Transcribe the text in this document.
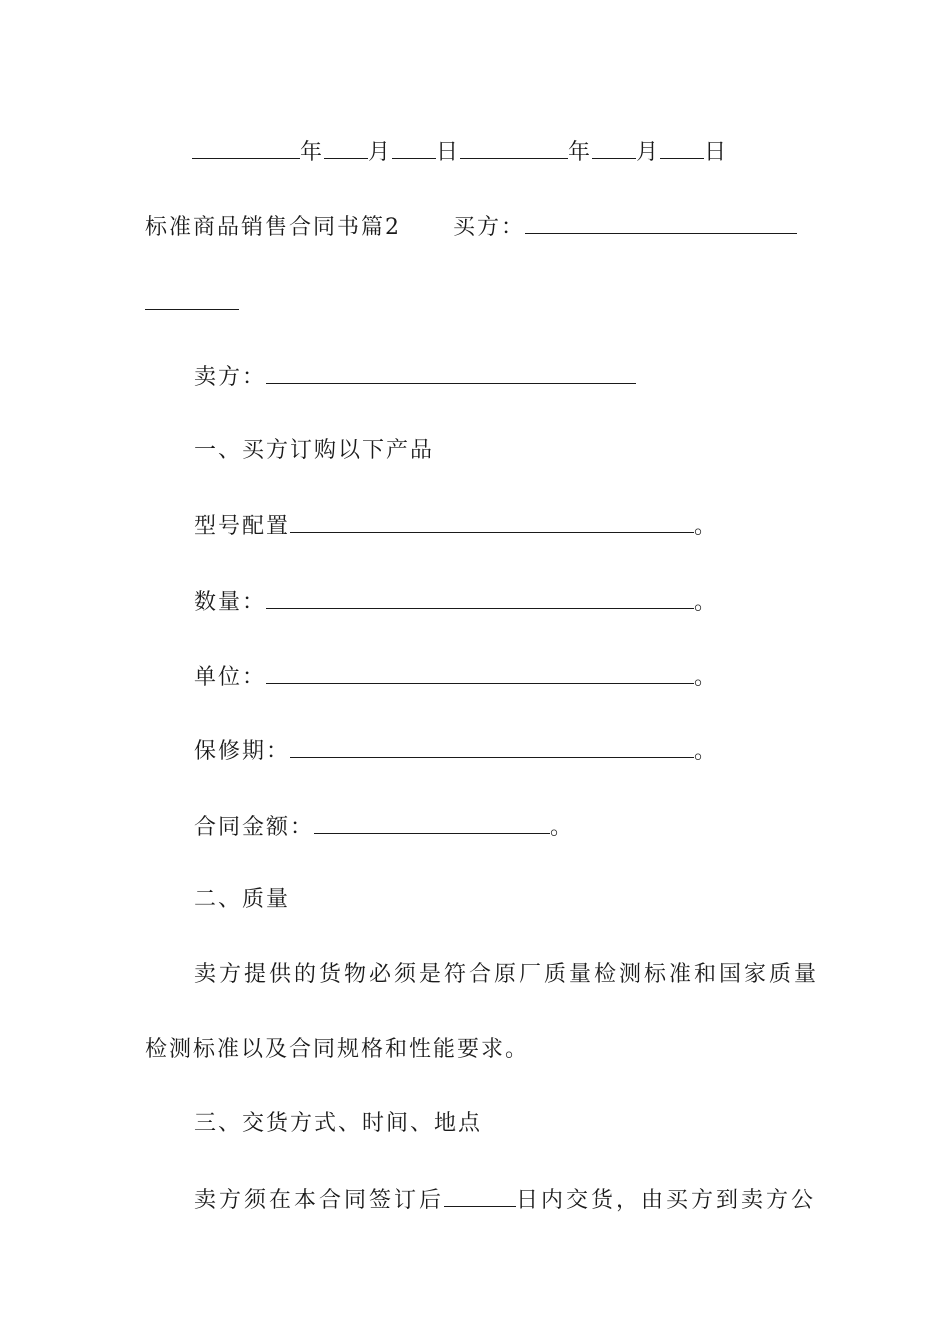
年 月 日	年 月 日
标准商品销售合同书篇2 买方：
卖方：
一、买方订购以下产品
型号配置	。
数量：	。
单位：	。
保修期：	。
合同金额：	。
二、质量
卖方提供的货物必须是符合原厂质量检测标准和国家质量
检测标准以及合同规格和性能要求。
三、交货方式、时间、地点
卖方须在本合同签订后	日内交货，由买方到卖方公
